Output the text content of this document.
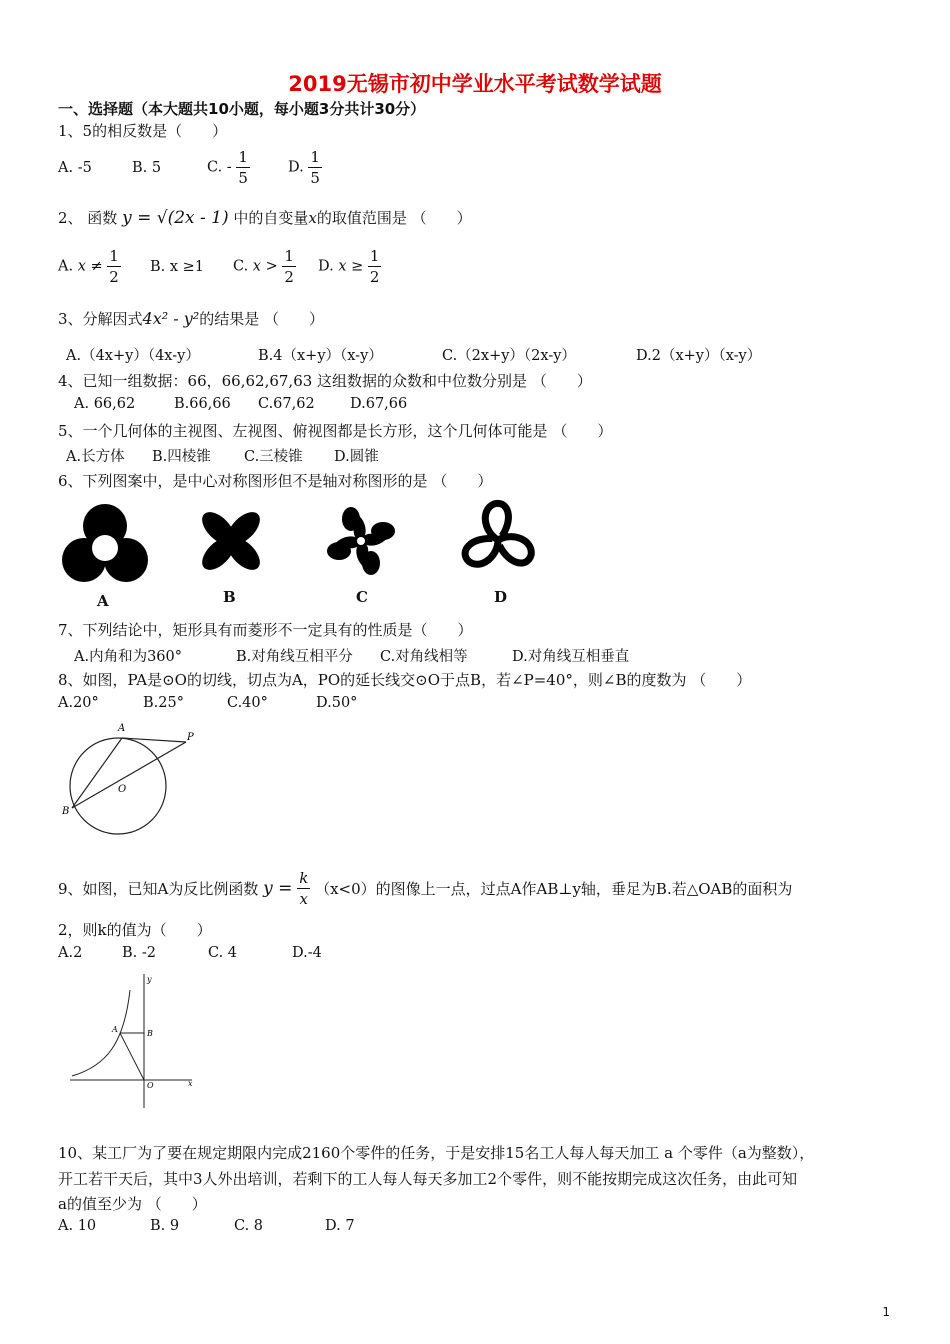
2019无锡市初中学业水平考试数学试题
一、选择题（本大题共10小题，每小题3分共计30分）
1、5的相反数是（　　）
A. -5	B. 5	C. - $\frac{1}{5}$	D. $\frac{1}{5}$
2、 函数 y = √(2x - 1) 中的自变量x的取值范围是 （　　）
A. $x \ne \frac{1}{2} B$. x ≥1 C. $x > \frac{1}{2} D$. $x \ge \frac{1}{2}$
3、分解因式4x² - y²的结果是 （　　）
A.（4x+y）（4x-y）	B.4（x+y）（x-y）	C.（2x+y）（2x-y）	D.2（x+y）（x-y）
4、已知一组数据：66，66,62,67,63 这组数据的众数和中位数分别是 （　　）
A. 66,62	B.66,66 C.67,62 D.67,66
5、一个几何体的主视图、左视图、俯视图都是长方形，这个几何体可能是 （　　）
A.长方体 B.四棱锥 C.三棱锥 D.圆锥
6、下列图案中，是中心对称图形但不是轴对称图形的是 （　　）
A	B	C	D
7、下列结论中，矩形具有而菱形不一定具有的性质是（　　）
A.内角和为360°	B.对角线互相平分 C.对角线相等	D.对角线互相垂直
8、如图，PA是⊙O的切线，切点为A，PO的延长线交⊙O于点B，若∠P=40°，则∠B的度数为 （　　）
A.20°	B.25°	C.40°	D.50°
A
P
O
B
9、如图，已知A为反比例函数 $y = \frac{k}{x} (x<0)$的图像上一点，过点A作AB⊥y轴，垂足为B.若△OAB的面积为
2，则k的值为（　　）
A.2	B. -2	C. 4	D.-4
y
A	B
O	x
10、某工厂为了要在规定期限内完成2160个零件的任务，于是安排15名工人每人每天加工 a 个零件（a为整数），
开工若干天后，其中3人外出培训，若剩下的工人每人每天多加工2个零件，则不能按期完成这次任务，由此可知
a的值至少为 （　　）
A. 10	B. 9	C. 8	D. 7
1
